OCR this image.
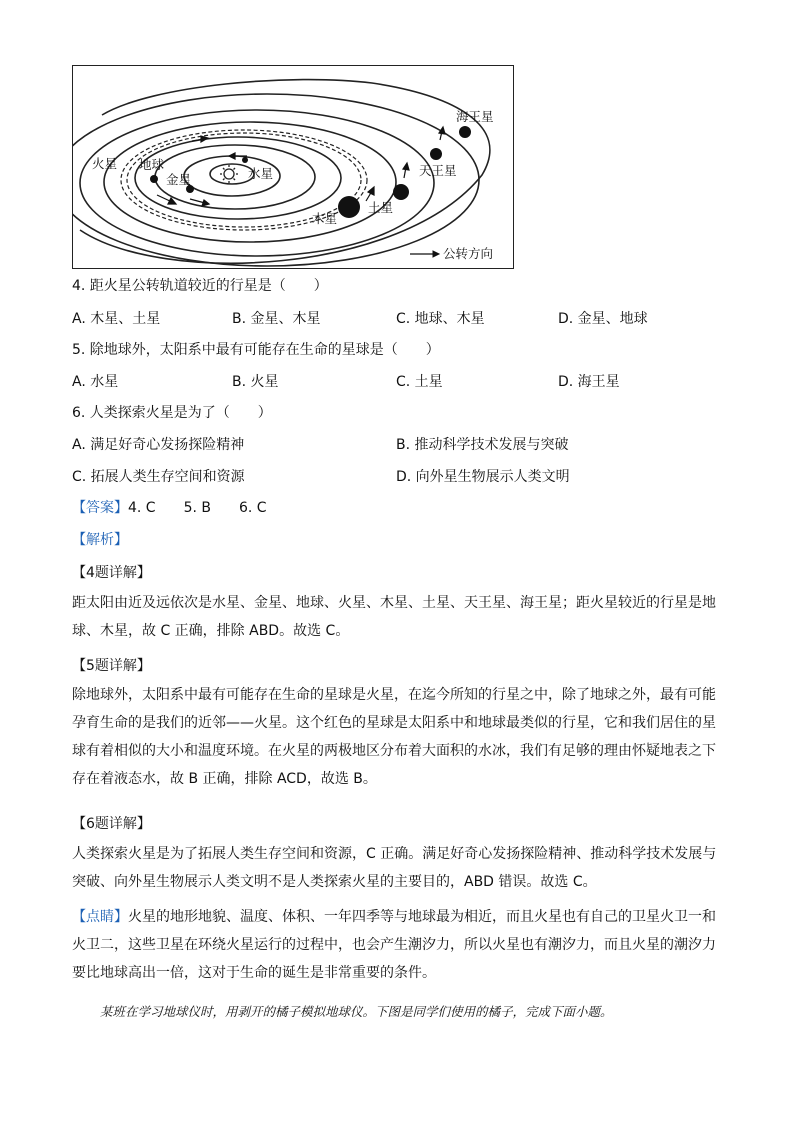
火星 地球
金星	水星
木星
土星
天王星
海王星
公转方向
4. 距火星公转轨道较近的行星是（　　）
A. 木星、土星	B. 金星、木星	C. 地球、木星	D. 金星、地球
5. 除地球外，太阳系中最有可能存在生命的星球是（　　）
A. 水星	B. 火星	C. 土星	D. 海王星
6. 人类探索火星是为了（　　）
A. 满足好奇心发扬探险精神	B. 推动科学技术发展与突破
C. 拓展人类生存空间和资源	D. 向外星生物展示人类文明
【答案】4. C　　5. B　　6. C
【解析】
【4题详解】
距太阳由近及远依次是水星、金星、地球、火星、木星、土星、天王星、海王星；距火星较近的行星是地
球、木星，故 C 正确，排除 ABD。故选 C。
【5题详解】
除地球外，太阳系中最有可能存在生命的星球是火星，在迄今所知的行星之中，除了地球之外，最有可能
孕育生命的是我们的近邻——火星。这个红色的星球是太阳系中和地球最类似的行星，它和我们居住的星
球有着相似的大小和温度环境。在火星的两极地区分布着大面积的水冰，我们有足够的理由怀疑地表之下
存在着液态水，故 B 正确，排除 ACD，故选 B。
【6题详解】
人类探索火星是为了拓展人类生存空间和资源，C 正确。满足好奇心发扬探险精神、推动科学技术发展与
突破、向外星生物展示人类文明不是人类探索火星的主要目的，ABD 错误。故选 C。
【点睛】火星的地形地貌、温度、体积、一年四季等与地球最为相近，而且火星也有自己的卫星火卫一和
火卫二，这些卫星在环绕火星运行的过程中，也会产生潮汐力，所以火星也有潮汐力，而且火星的潮汐力
要比地球高出一倍，这对于生命的诞生是非常重要的条件。
某班在学习地球仪时，用剥开的橘子模拟地球仪。下图是同学们使用的橘子，完成下面小题。
